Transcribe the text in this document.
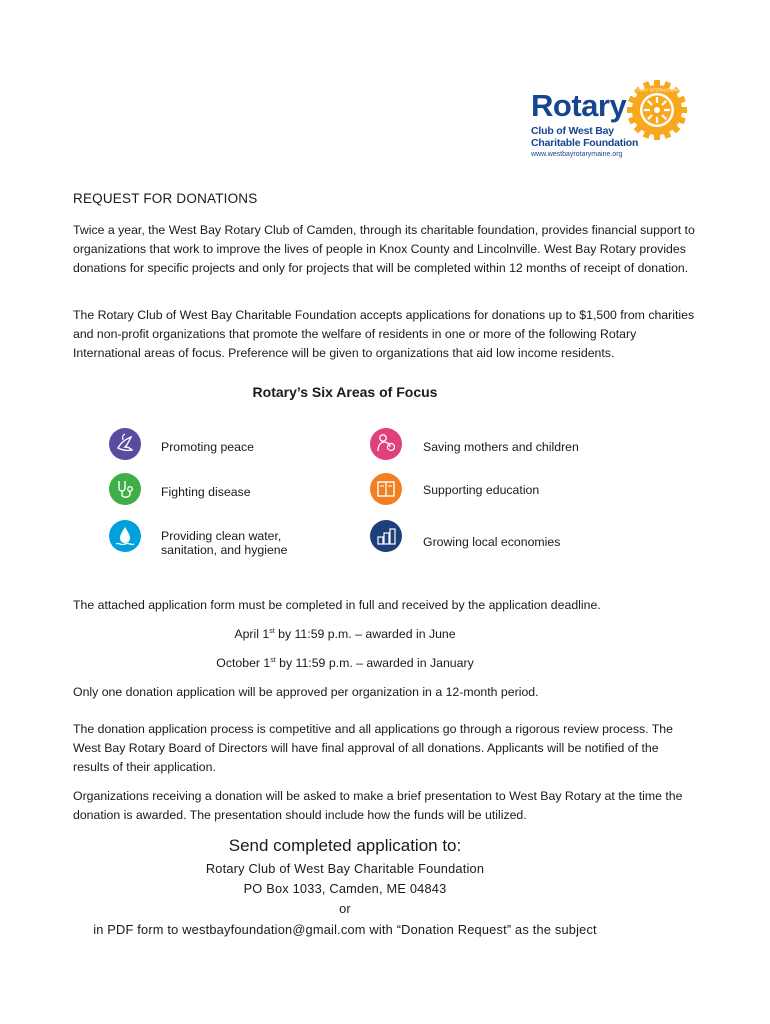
Rotary
Club of West Bay
Charitable Foundation
www.westbayrotarymaine.org
ROTARY INTERNATIONAL
REQUEST FOR DONATIONS
Twice a year, the West Bay Rotary Club of Camden, through its charitable foundation, provides financial support to organizations that work to improve the lives of people in Knox County and Lincolnville. West Bay Rotary provides donations for specific projects and only for projects that will be completed within 12 months of receipt of donation.
The Rotary Club of West Bay Charitable Foundation accepts applications for donations up to $1,500 from charities and non-profit organizations that promote the welfare of residents in one or more of the following Rotary International areas of focus. Preference will be given to organizations that aid low income residents.
Rotary’s Six Areas of Focus
Promoting peace	Saving mothers and children
Fighting disease	Supporting education
Providing clean water,
sanitation, and hygiene
Growing local economies
The attached application form must be completed in full and received by the application deadline.
April 1st by 11:59 p.m. – awarded in June
October 1st by 11:59 p.m. – awarded in January
Only one donation application will be approved per organization in a 12-month period.
The donation application process is competitive and all applications go through a rigorous review process. The West Bay Rotary Board of Directors will have final approval of all donations. Applicants will be notified of the results of their application.
Organizations receiving a donation will be asked to make a brief presentation to West Bay Rotary at the time the donation is awarded. The presentation should include how the funds will be utilized.
Send completed application to:
Rotary Club of West Bay Charitable Foundation
PO Box 1033, Camden, ME 04843
or
in PDF form to westbayfoundation@gmail.com with “Donation Request” as the subject
